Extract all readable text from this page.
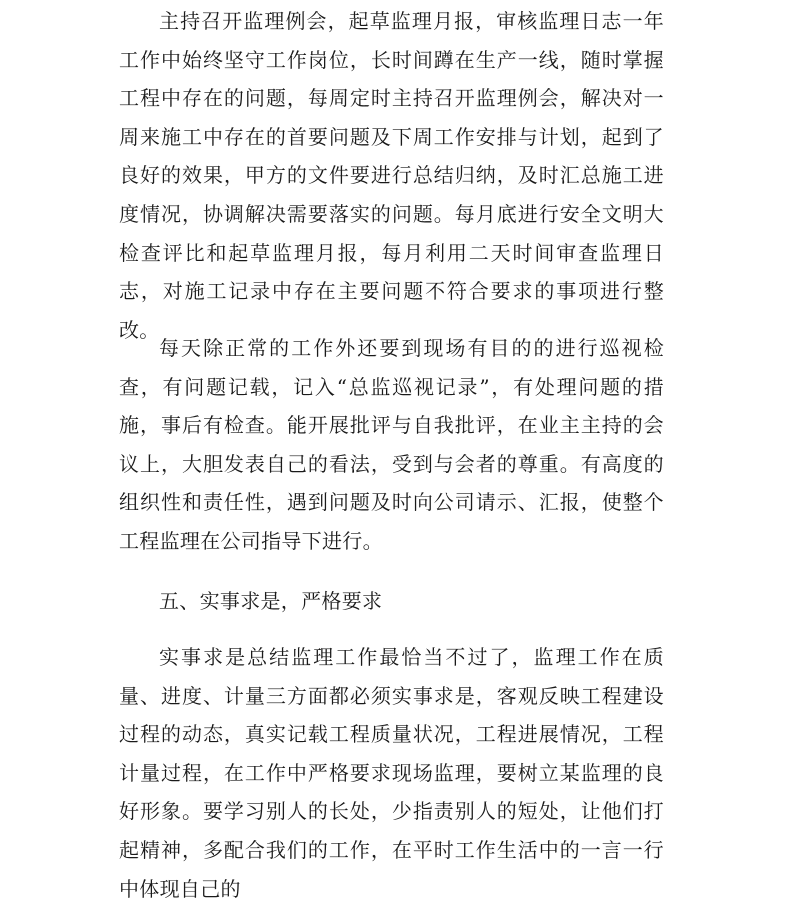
主持召开监理例会，起草监理月报，审核监理日志一年工作中始终坚守工作岗位，长时间蹲在生产一线，随时掌握工程中存在的问题，每周定时主持召开监理例会，解决对一周来施工中存在的首要问题及下周工作安排与计划，起到了良好的效果，甲方的文件要进行总结归纳，及时汇总施工进度情况，协调解决需要落实的问题。每月底进行安全文明大检查评比和起草监理月报，每月利用二天时间审查监理日志，对施工记录中存在主要问题不符合要求的事项进行整改。

每天除正常的工作外还要到现场有目的的进行巡视检查，有问题记载，记入“总监巡视记录”，有处理问题的措施，事后有检查。能开展批评与自我批评，在业主主持的会议上，大胆发表自己的看法，受到与会者的尊重。有高度的组织性和责任性，遇到问题及时向公司请示、汇报，使整个工程监理在公司指导下进行。

五、实事求是，严格要求

实事求是总结监理工作最恰当不过了，监理工作在质量、进度、计量三方面都必须实事求是，客观反映工程建设过程的动态，真实记载工程质量状况，工程进展情况，工程计量过程，在工作中严格要求现场监理，要树立某监理的良好形象。要学习别人的长处，少指责别人的短处，让他们打起精神，多配合我们的工作，在平时工作生活中的一言一行中体现自己的
